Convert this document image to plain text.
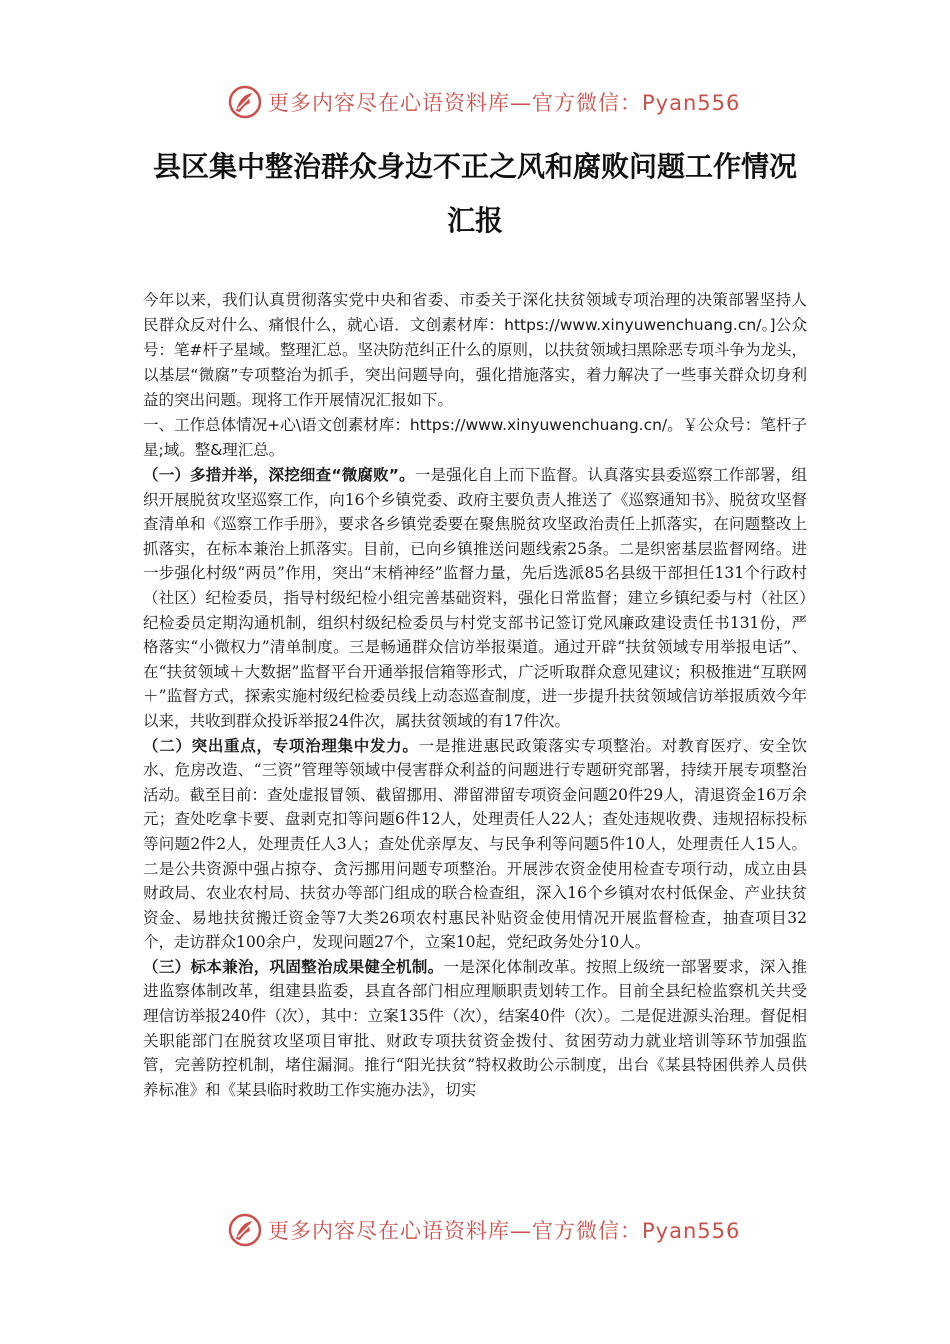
更多内容尽在心语资料库—官方微信：Pyan556
县区集中整治群众身边不正之风和腐败问题工作情况
汇报

今年以来，我们认真贯彻落实党中央和省委、市委关于深化扶贫领域专项治理的决策部署坚持人民群众反对什么、痛恨什么，就心语．文创素材库：https://www.xinyuwenchuang.cn/。]公众号：笔#杆子星域。整理汇总。坚决防范纠正什么的原则，以扶贫领域扫黑除恶专项斗争为龙头，以基层“微腐”专项整治为抓手，突出问题导向，强化措施落实，着力解决了一些事关群众切身利益的突出问题。现将工作开展情况汇报如下。

一、工作总体情况+心\语文创素材库：https://www.xinyuwenchuang.cn/。￥公众号：笔杆子星;域。整&理汇总。

（一）多措并举，深挖细查“微腐败”。一是强化自上而下监督。认真落实县委巡察工作部署，组织开展脱贫攻坚巡察工作，向16个乡镇党委、政府主要负责人推送了《巡察通知书》、脱贫攻坚督查清单和《巡察工作手册》，要求各乡镇党委要在聚焦脱贫攻坚政治责任上抓落实，在问题整改上抓落实，在标本兼治上抓落实。目前，已向乡镇推送问题线索25条。二是织密基层监督网络。进一步强化村级“两员”作用，突出“末梢神经”监督力量，先后选派85名县级干部担任131个行政村（社区）纪检委员，指导村级纪检小组完善基础资料，强化日常监督；建立乡镇纪委与村（社区）纪检委员定期沟通机制，组织村级纪检委员与村党支部书记签订党风廉政建设责任书131份，严格落实“小微权力”清单制度。三是畅通群众信访举报渠道。通过开辟“扶贫领域专用举报电话”、在“扶贫领域＋大数据”监督平台开通举报信箱等形式，广泛听取群众意见建议；积极推进“互联网＋”监督方式，探索实施村级纪检委员线上动态巡查制度，进一步提升扶贫领域信访举报质效今年以来，共收到群众投诉举报24件次，属扶贫领域的有17件次。

（二）突出重点，专项治理集中发力。一是推进惠民政策落实专项整治。对教育医疗、安全饮水、危房改造、“三资”管理等领域中侵害群众利益的问题进行专题研究部署，持续开展专项整治活动。截至目前：查处虚报冒领、截留挪用、滞留滞留专项资金问题20件29人，清退资金16万余元；查处吃拿卡要、盘剥克扣等问题6件12人，处理责任人22人；查处违规收费、违规招标投标等问题2件2人，处理责任人3人；查处优亲厚友、与民争利等问题5件10人，处理责任人15人。二是公共资源中强占掠夺、贪污挪用问题专项整治。开展涉农资金使用检查专项行动，成立由县财政局、农业农村局、扶贫办等部门组成的联合检查组，深入16个乡镇对农村低保金、产业扶贫资金、易地扶贫搬迁资金等7大类26项农村惠民补贴资金使用情况开展监督检查，抽查项目32个，走访群众100余户，发现问题27个，立案10起，党纪政务处分10人。

（三）标本兼治，巩固整治成果健全机制。一是深化体制改革。按照上级统一部署要求，深入推进监察体制改革，组建县监委，县直各部门相应理顺职责划转工作。目前全县纪检监察机关共受理信访举报240件（次），其中：立案135件（次），结案40件（次）。二是促进源头治理。督促相关职能部门在脱贫攻坚项目审批、财政专项扶贫资金拨付、贫困劳动力就业培训等环节加强监管，完善防控机制，堵住漏洞。推行“阳光扶贫”特权救助公示制度，出台《某县特困供养人员供养标准》和《某县临时救助工作实施办法》，切实

更多内容尽在心语资料库—官方微信：Pyan556
